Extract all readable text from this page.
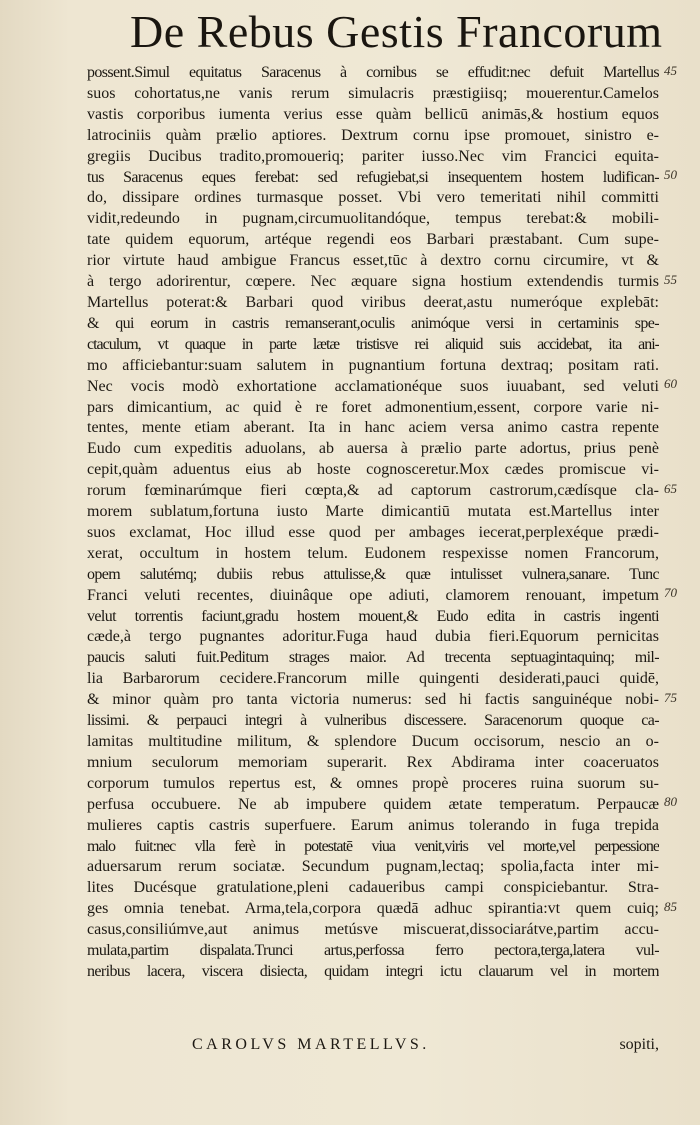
De Rebus Gestis Francorum
possent.Simul equitatus Saracenus à cornibus se effudit:nec defuit Martellus
suos cohortatus,ne vanis rerum simulacris præstigiisq; mouerentur.Camelos
vastis corporibus iumenta verius esse quàm bellicū animās,& hostium equos
latrociniis quàm prælio aptiores. Dextrum cornu ipse promouet, sinistro e-
gregiis Ducibus tradito,promoueriq; pariter iusso.Nec vim Francici equita-
tus Saracenus eques ferebat: sed refugiebat,si insequentem hostem ludifican-
do, dissipare ordines turmasque posset. Vbi vero temeritati nihil committi
vidit,redeundo in pugnam,circumuolitandóque, tempus terebat:& mobili-
tate quidem equorum, artéque regendi eos Barbari præstabant. Cum supe-
rior virtute haud ambigue Francus esset,tūc à dextro cornu circumire, vt &
à tergo adorirentur, cœpere. Nec æquare signa hostium extendendis turmis
Martellus poterat:& Barbari quod viribus deerat,astu numeróque explebāt:
& qui eorum in castris remanserant,oculis animóque versi in certaminis spe-
ctaculum, vt quaque in parte lætæ tristisve rei aliquid suis accidebat, ita ani-
mo afficiebantur:suam salutem in pugnantium fortuna dextraq; positam rati.
Nec vocis modò exhortatione acclamationéque suos iuuabant, sed veluti
pars dimicantium, ac quid è re foret admonentium,essent, corpore varie ni-
tentes, mente etiam aberant. Ita in hanc aciem versa animo castra repente
Eudo cum expeditis aduolans, ab auersa à prælio parte adortus, prius penè
cepit,quàm aduentus eius ab hoste cognosceretur.Mox cædes promiscue vi-
rorum fœminarúmque fieri cœpta,& ad captorum castrorum,cædísque cla-
morem sublatum,fortuna iusto Marte dimicantiū mutata est.Martellus inter
suos exclamat, Hoc illud esse quod per ambages iecerat,perplexéque prædi-
xerat, occultum in hostem telum. Eudonem respexisse nomen Francorum,
opem salutémq; dubiis rebus attulisse,& quæ intulisset vulnera,sanare. Tunc
Franci veluti recentes, diuinâque ope adiuti, clamorem renouant, impetum
velut torrentis faciunt,gradu hostem mouent,& Eudo edita in castris ingenti
cæde,à tergo pugnantes adoritur.Fuga haud dubia fieri.Equorum pernicitas
paucis saluti fuit.Peditum strages maior. Ad trecenta septuagintaquinq; mil-
lia Barbarorum cecidere.Francorum mille quingenti desiderati,pauci quidē,
& minor quàm pro tanta victoria numerus: sed hi factis sanguinéque nobi-
lissimi. & perpauci integri à vulneribus discessere. Saracenorum quoque ca-
lamitas multitudine militum, & splendore Ducum occisorum, nescio an o-
mnium seculorum memoriam superarit. Rex Abdirama inter coaceruatos
corporum tumulos repertus est, & omnes propè proceres ruina suorum su-
perfusa occubuere. Ne ab impubere quidem ætate temperatum. Perpaucæ
mulieres captis castris superfuere. Earum animus tolerando in fuga trepida
malo fuit:nec vlla ferè in potestatē viua venit,viris vel morte,vel perpessione
aduersarum rerum sociatæ. Secundum pugnam,lectaq; spolia,facta inter mi-
lites Ducésque gratulatione,pleni cadaueribus campi conspiciebantur. Stra-
ges omnia tenebat. Arma,tela,corpora quædā adhuc spirantia:vt quem cuiq;
casus,consiliúmve,aut animus metúsve miscuerat,dissociarátve,partim accu-
mulata,partim dispalata.Trunci artus,perfossa ferro pectora,terga,latera vul-
neribus lacera, viscera disiecta, quidam integri ictu clauarum vel in mortem
45
50
55
60
65
70
75
80
85
CAROLVS MARTELLVS.	sopiti,
